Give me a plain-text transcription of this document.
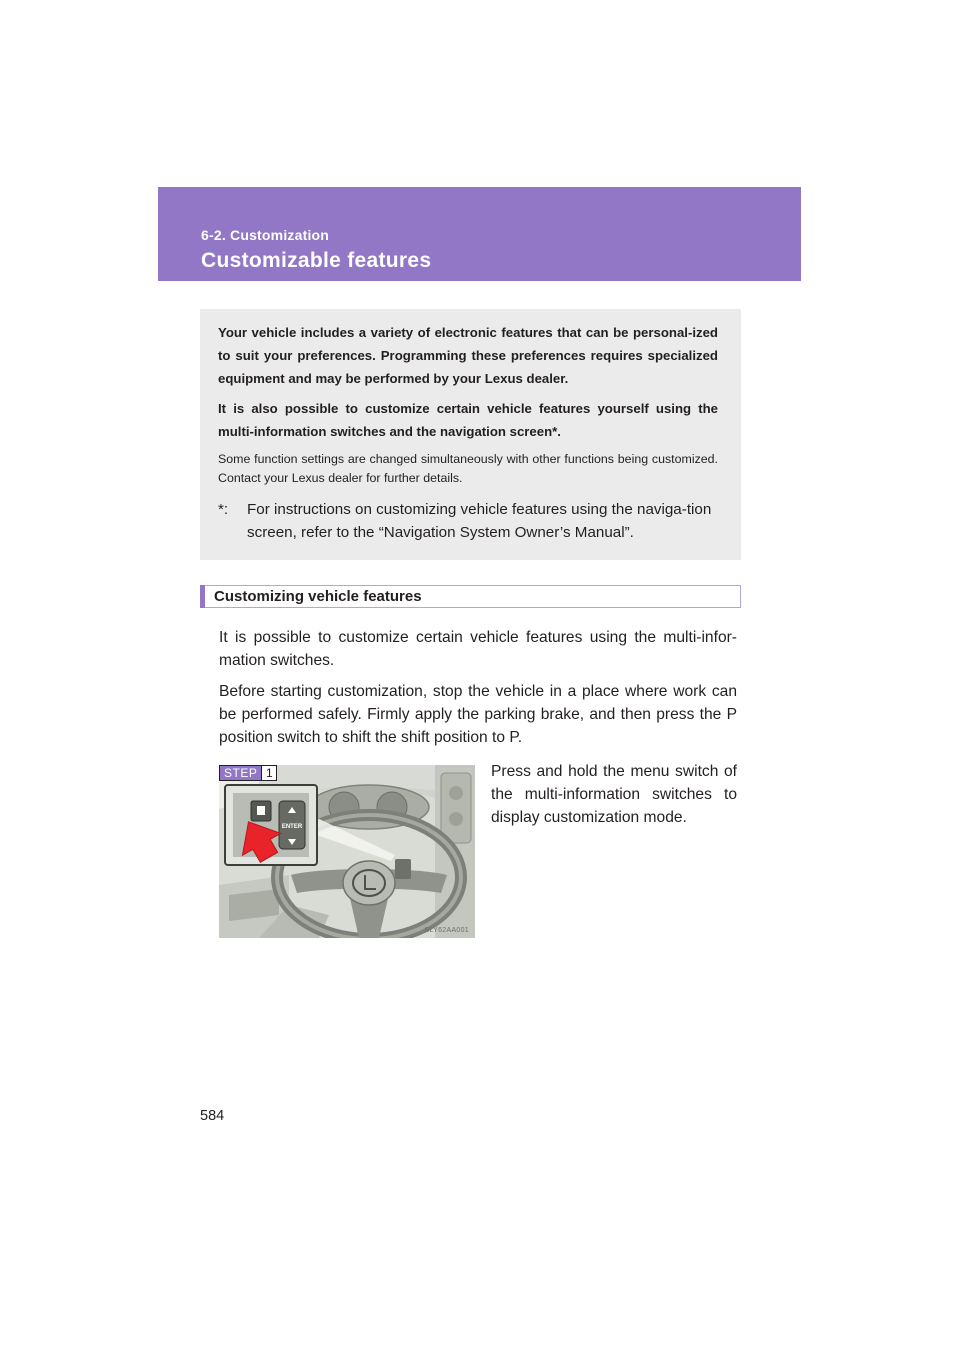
6-2. Customization
Customizable features

Your vehicle includes a variety of electronic features that can be personal-ized to suit your preferences. Programming these preferences requires specialized equipment and may be performed by your Lexus dealer.

It is also possible to customize certain vehicle features yourself using the multi-information switches and the navigation screen*.

Some function settings are changed simultaneously with other functions being customized. Contact your Lexus dealer for further details.

*:	For instructions on customizing vehicle features using the naviga-tion screen, refer to the “Navigation System Owner’s Manual”.
Customizing vehicle features

It is possible to customize certain vehicle features using the multi-infor-mation switches.

Before starting customization, stop the vehicle in a place where work can be performed safely. Firmly apply the parking brake, and then press the P position switch to shift the shift position to P.

STEP 1
ENTER
SLY62AA001

Press and hold the menu switch of the multi-information switches to display customization mode.

584
